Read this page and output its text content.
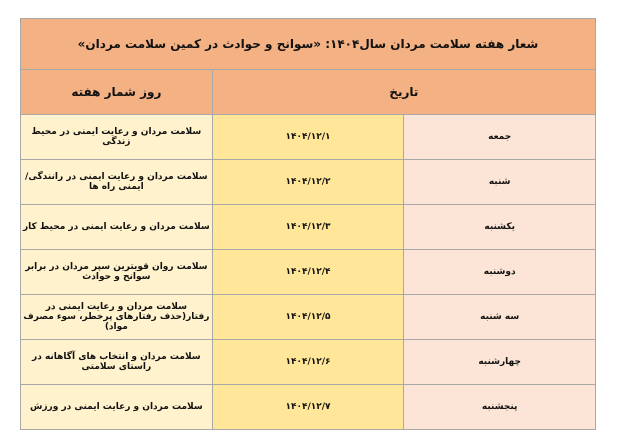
شعار هفته سلامت مردان سال۱۴۰۴: «سوانح و حوادث در کمین سلامت مردان»		
تاریخ		روز شمار هفته
جمعه	۱۴۰۴/۱۲/۱	سلامت مردان و رعایت ایمنی در محیط زندگی
شنبه	۱۴۰۴/۱۲/۲	سلامت مردان و رعایت ایمنی در رانندگی/ ایمنی راه ها
یکشنبه	۱۴۰۴/۱۲/۳	سلامت مردان و رعایت ایمنی در محیط کار
دوشنبه	۱۴۰۴/۱۲/۴	سلامت روان قویترین سپر مردان در برابر سوانح و حوادث
سه شنبه	۱۴۰۴/۱۲/۵	سلامت مردان و رعایت ایمنی در رفتار(حذف رفتارهای پرخطر، سوء مصرف مواد)
چهارشنبه	۱۴۰۴/۱۲/۶	سلامت مردان و انتخاب های آگاهانه در راستای سلامتی
پنجشنبه	۱۴۰۴/۱۲/۷	سلامت مردان و رعایت ایمنی در ورزش
